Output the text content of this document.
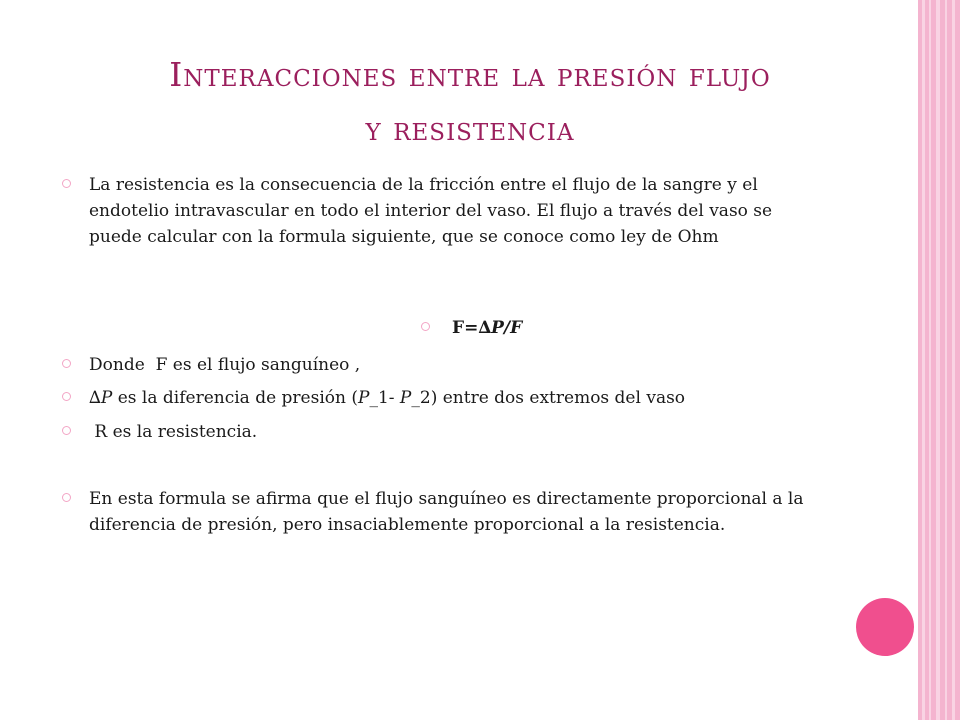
Interacciones entre la presión flujo
y resistencia
La resistencia es la consecuencia de la fricción entre el flujo de la sangre y el endotelio intravascular en todo el interior del vaso. El flujo a través del vaso se puede calcular con la formula siguiente, que se conoce como ley de Ohm
F=∆P/F
Donde  F es el flujo sanguíneo ,
∆P es la diferencia de presión (P_1- P_2) entre dos extremos del vaso
R es la resistencia.
En esta formula se afirma que el flujo sanguíneo es directamente proporcional a la diferencia de presión, pero insaciablemente proporcional a la resistencia.
